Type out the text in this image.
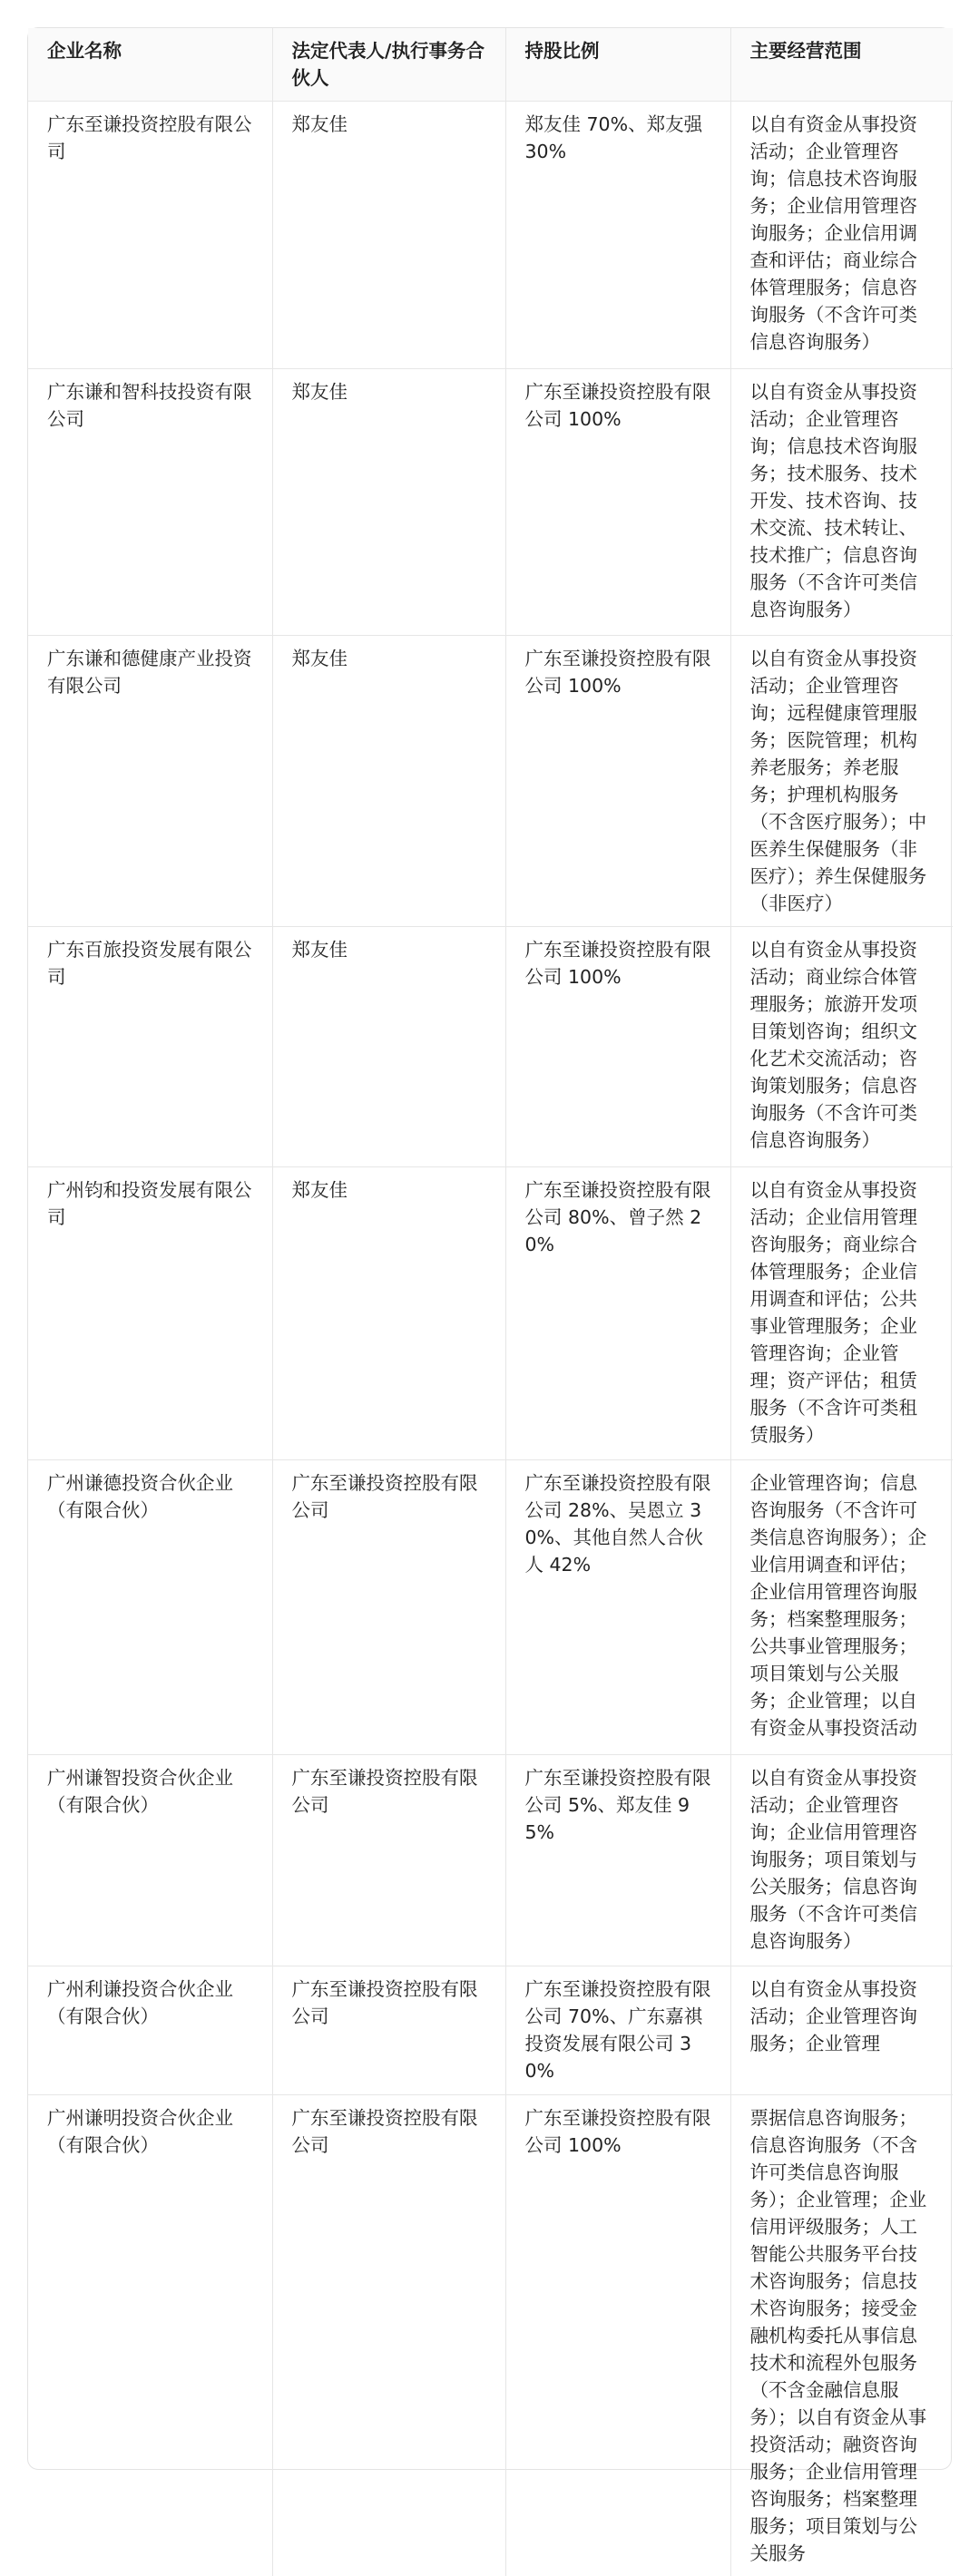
企业名称	法定代表人/执行事务合伙人	持股比例	主要经营范围
广东至谦投资控股有限公司	郑友佳	郑友佳 70%、郑友强 30%	以自有资金从事投资活动；企业管理咨询；信息技术咨询服务；企业信用管理咨询服务；企业信用调查和评估；商业综合体管理服务；信息咨询服务（不含许可类信息咨询服务）
广东谦和智科技投资有限公司	郑友佳	广东至谦投资控股有限公司 100%	以自有资金从事投资活动；企业管理咨询；信息技术咨询服务；技术服务、技术开发、技术咨询、技术交流、技术转让、技术推广；信息咨询服务（不含许可类信息咨询服务）
广东谦和德健康产业投资有限公司	郑友佳	广东至谦投资控股有限公司 100%	以自有资金从事投资活动；企业管理咨询；远程健康管理服务；医院管理；机构养老服务；养老服务；护理机构服务（不含医疗服务）；中医养生保健服务（非医疗）；养生保健服务（非医疗）
广东百旅投资发展有限公司	郑友佳	广东至谦投资控股有限公司 100%	以自有资金从事投资活动；商业综合体管理服务；旅游开发项目策划咨询；组织文化艺术交流活动；咨询策划服务；信息咨询服务（不含许可类信息咨询服务）
广州钧和投资发展有限公司	郑友佳	广东至谦投资控股有限公司 80%、曾子然 20%	以自有资金从事投资活动；企业信用管理咨询服务；商业综合体管理服务；企业信用调查和评估；公共事业管理服务；企业管理咨询；企业管理；资产评估；租赁服务（不含许可类租赁服务）
广州谦德投资合伙企业（有限合伙）	广东至谦投资控股有限公司	广东至谦投资控股有限公司 28%、吴恩立 30%、其他自然人合伙人 42%	企业管理咨询；信息咨询服务（不含许可类信息咨询服务）；企业信用调查和评估；企业信用管理咨询服务；档案整理服务；公共事业管理服务；项目策划与公关服务；企业管理；以自有资金从事投资活动
广州谦智投资合伙企业（有限合伙）	广东至谦投资控股有限公司	广东至谦投资控股有限公司 5%、郑友佳 95%	以自有资金从事投资活动；企业管理咨询；企业信用管理咨询服务；项目策划与公关服务；信息咨询服务（不含许可类信息咨询服务）
广州利谦投资合伙企业（有限合伙）	广东至谦投资控股有限公司	广东至谦投资控股有限公司 70%、广东嘉祺投资发展有限公司 30%	以自有资金从事投资活动；企业管理咨询服务；企业管理
广州谦明投资合伙企业（有限合伙）	广东至谦投资控股有限公司	广东至谦投资控股有限公司 100%	票据信息咨询服务；信息咨询服务（不含许可类信息咨询服务）；企业管理；企业信用评级服务；人工智能公共服务平台技术咨询服务；信息技术咨询服务；接受金融机构委托从事信息技术和流程外包服务（不含金融信息服务）；以自有资金从事投资活动；融资咨询服务；企业信用管理咨询服务；档案整理服务；项目策划与公关服务
